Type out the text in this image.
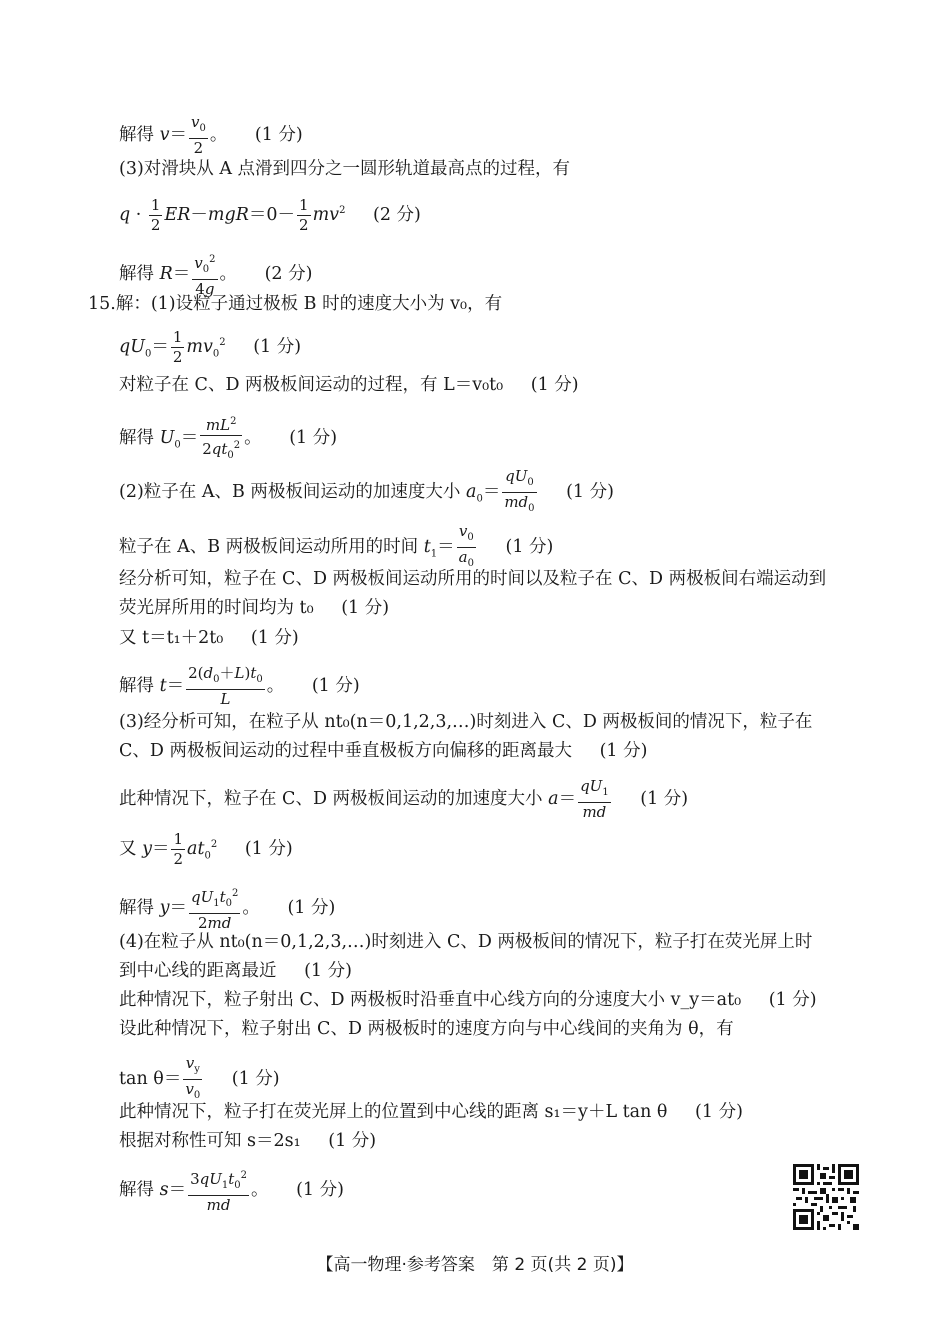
解得 $v= \frac{v_0}{2}$ 。 (1 分)
(3)对滑块从 A 点滑到四分之一圆形轨道最高点的过程，有
$q \cdot \frac{1}{2} ER-mgR=0- \frac{1}{2} mv^2$ (2 分)
解得 $R= \frac{v_0^2}{4g}$ 。 (2 分)
15.解：(1)设粒子通过极板 B 时的速度大小为 v₀，有
$qU_0= \frac{1}{2} mv_0^2$ (1 分)
对粒子在 C、D 两极板间运动的过程，有 L＝v₀t₀ (1 分)
解得 $U_0= \frac{mL^2}{2qt_0^2}$ 。 (1 分)
(2)粒子在 A、B 两极板间运动的加速度大小 $a_0= \frac{qU_0}{md_0} (1$ 分)
粒子在 A、B 两极板间运动所用的时间 $t_1= \frac{v_0}{a_0} (1$ 分)
经分析可知，粒子在 C、D 两极板间运动所用的时间以及粒子在 C、D 两极板间右端运动到
荧光屏所用的时间均为 t₀ (1 分)
又 t＝t₁＋2t₀ (1 分)
解得 $t= \frac{2(d_0+L)t_0}{L}$ 。 (1 分)
(3)经分析可知，在粒子从 nt₀(n＝0,1,2,3,…)时刻进入 C、D 两极板间的情况下，粒子在
C、D 两极板间运动的过程中垂直极板方向偏移的距离最大 (1 分)
此种情况下，粒子在 C、D 两极板间运动的加速度大小 $a= \frac{qU_1}{md} (1$ 分)
又 $y= \frac{1}{2} at_0^2$ (1 分)
解得 $y= \frac{qU_1t_0^2}{2md}$ 。 (1 分)
(4)在粒子从 nt₀(n＝0,1,2,3,…)时刻进入 C、D 两极板间的情况下，粒子打在荧光屏上时
到中心线的距离最近 (1 分)
此种情况下，粒子射出 C、D 两极板时沿垂直中心线方向的分速度大小 v_y＝at₀ (1 分)
设此种情况下，粒子射出 C、D 两极板时的速度方向与中心线间的夹角为 θ，有
$\tan \theta= \frac{v_y}{v_0} (1$ 分)
此种情况下，粒子打在荧光屏上的位置到中心线的距离 s₁＝y＋L tan θ (1 分)
根据对称性可知 s＝2s₁ (1 分)
解得 $s= \frac{3qU_1t_0^2}{md}$ 。 (1 分)
【高一物理·参考答案　第 2 页(共 2 页)】
